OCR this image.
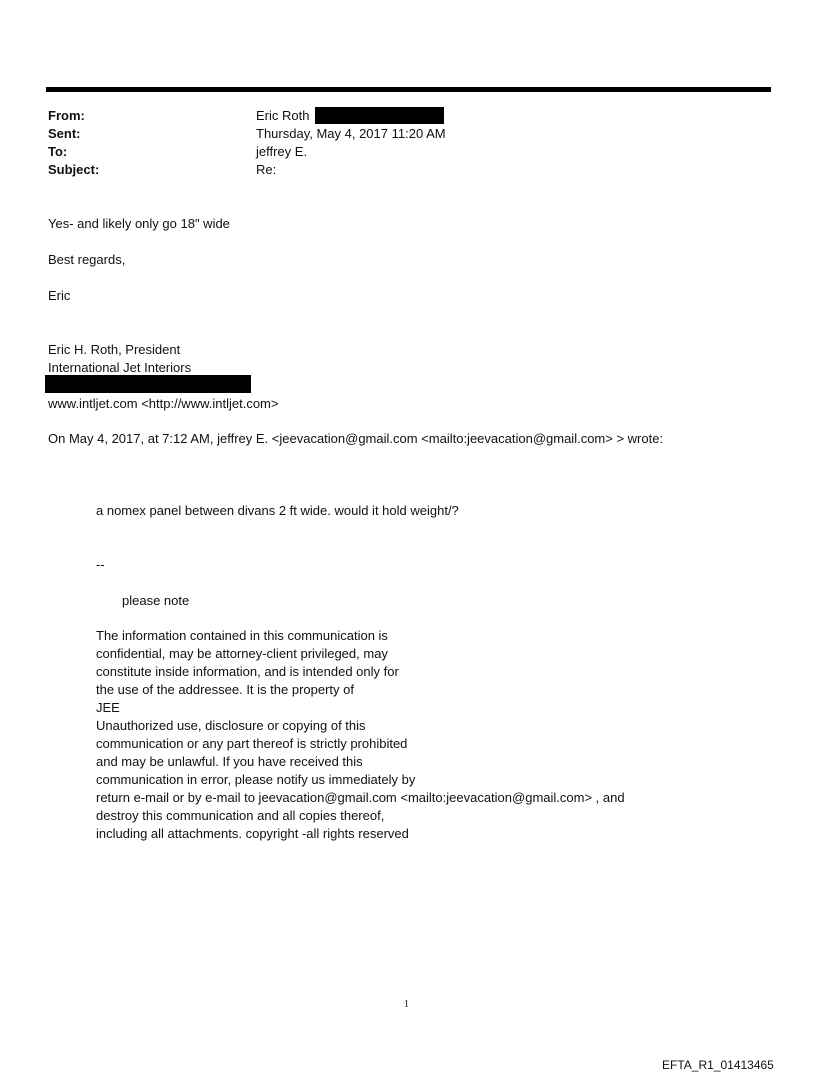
From:	Eric Roth
Sent:	Thursday, May 4, 2017 11:20 AM
To:	jeffrey E.
Subject:	Re:
Yes- and likely only go 18" wide
Best regards,
Eric
Eric H. Roth, President
International Jet Interiors
www.intljet.com <http://www.intljet.com>
On May 4, 2017, at 7:12 AM, jeffrey E. <jeevacation@gmail.com <mailto:jeevacation@gmail.com> > wrote:
a nomex panel between divans 2 ft wide. would it hold weight/?
--
please note
The information contained in this communication is
confidential, may be attorney-client privileged, may
constitute inside information, and is intended only for
the use of the addressee. It is the property of
JEE
Unauthorized use, disclosure or copying of this
communication or any part thereof is strictly prohibited
and may be unlawful. If you have received this
communication in error, please notify us immediately by
return e-mail or by e-mail to jeevacation@gmail.com <mailto:jeevacation@gmail.com> , and
destroy this communication and all copies thereof,
including all attachments. copyright -all rights reserved
1
EFTA_R1_01413465
